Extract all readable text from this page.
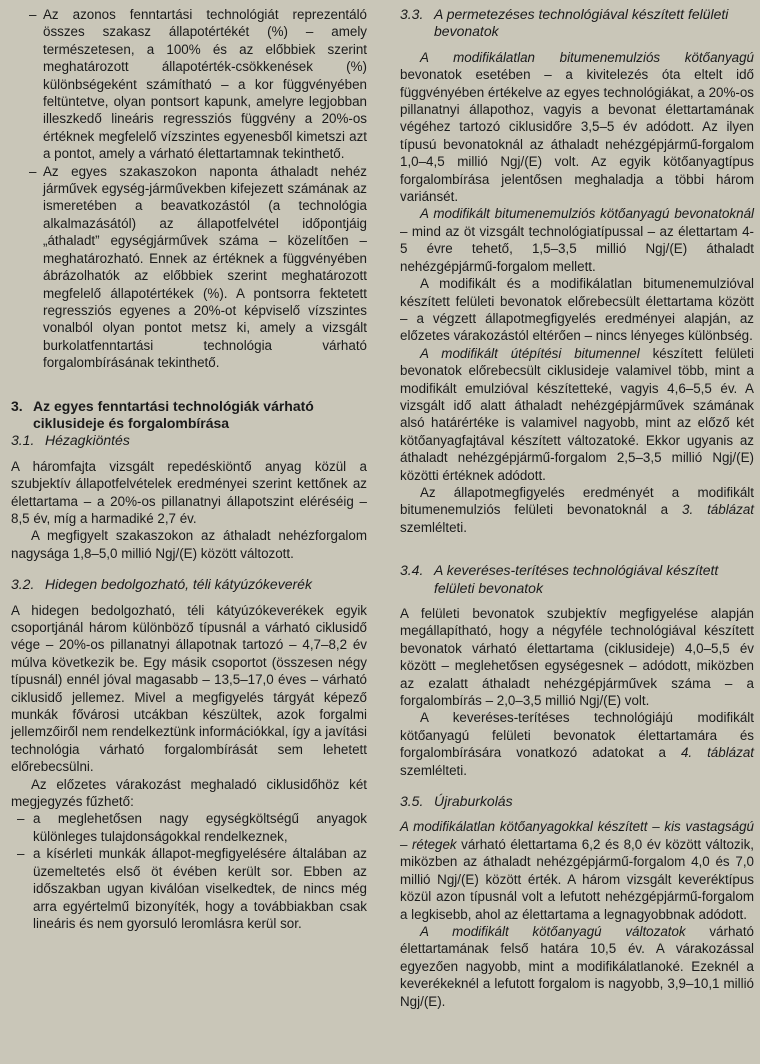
– Az azonos fenntartási technológiát reprezentáló összes szakasz állapotértékét (%) – amely természetesen, a 100% és az előbbiek szerint meghatározott állapotérték-csökkenések (%) különbségeként számítható – a kor függvényében feltüntetve, olyan pontsort kapunk, amelyre legjobban illeszkedő lineáris regressziós függvény a 20%-os értéknek megfelelő vízszintes egyenesből kimetszi azt a pontot, amely a várható élettartamnak tekinthető.
– Az egyes szakaszokon naponta áthaladt nehéz járművek egység-járművekben kifejezett számának az ismeretében a beavatkozástól (a technológia alkalmazásától) az állapotfelvétel időpontjáig „áthaladt” egységjárművek száma – közelítően – meghatározható. Ennek az értéknek a függvényében ábrázolhatók az előbbiek szerint meghatározott megfelelő állapotértékek (%). A pontsorra fektetett regressziós egyenes a 20%-ot képviselő vízszintes vonalból olyan pontot metsz ki, amely a vizsgált burkolatfenntartási technológia várható forgalombírásának tekinthető.
3. Az egyes fenntartási technológiák várható ciklusideje és forgalombírása
3.1. Hézagkiöntés

A háromfajta vizsgált repedéskiöntő anyag közül a szubjektív állapotfelvételek eredményei szerint kettőnek az élettartama – a 20%-os pillanatnyi állapotszint eléréséig – 8,5 év, míg a harmadiké 2,7 év.

A megfigyelt szakaszokon az áthaladt nehézforgalom nagysága 1,8–5,0 millió Ngj/(E) között változott.

3.2. Hidegen bedolgozható, téli kátyúzókeverék

A hidegen bedolgozható, téli kátyúzókeverékek egyik csoportjánál három különböző típusnál a várható ciklusidő vége – 20%-os pillanatnyi állapotnak tartozó – 4,7–8,2 év múlva következik be. Egy másik csoportot (összesen négy típusnál) ennél jóval magasabb – 13,5–17,0 éves – várható ciklusidő jellemez. Mivel a megfigyelés tárgyát képező munkák fővárosi utcákban készültek, azok forgalmi jellemzőiről nem rendelkeztünk információkkal, így a javítási technológia várható forgalombírását sem lehetett előrebecsülni.

Az előzetes várakozást meghaladó ciklusidőhöz két megjegyzés fűzhető:

– a meglehetősen nagy egységköltségű anyagok különleges tulajdonságokkal rendelkeznek,
– a kísérleti munkák állapot-megfigyelésére általában az üzemeltetés első öt évében került sor. Ebben az időszakban ugyan kiválóan viselkedtek, de nincs még arra egyértelmű bizonyíték, hogy a továbbiakban csak lineáris és nem gyorsuló leromlásra kerül sor.
3.3. A permetezéses technológiával készített felületi bevonatok

A modifikálatlan bitumenemulziós kötőanyagú bevonatok esetében – a kivitelezés óta eltelt idő függvényében értékelve az egyes technológiákat, a 20%-os pillanatnyi állapothoz, vagyis a bevonat élettartamának végéhez tartozó ciklusidőre 3,5–5 év adódott. Az ilyen típusú bevonatoknál az áthaladt nehézgépjármű-forgalom 1,0–4,5 millió Ngj/(E) volt. Az egyik kötőanyagtípus forgalombírása jelentősen meghaladja a többi három variánsét.

A modifikált bitumenemulziós kötőanyagú bevonatoknál – mind az öt vizsgált technológiatípussal – az élettartam 4-5 évre tehető, 1,5–3,5 millió Ngj/(E) áthaladt nehézgépjármű-forgalom mellett.

A modifikált és a modifikálatlan bitumenemulzióval készített felületi bevonatok előrebecsült élettartama között – a végzett állapotmegfigyelés eredményei alapján, az előzetes várakozástól eltérően – nincs lényeges különbség.

A modifikált útépítési bitumennel készített felületi bevonatok előrebecsült ciklusideje valamivel több, mint a modifikált emulzióval készítetteké, vagyis 4,6–5,5 év. A vizsgált idő alatt áthaladt nehézgépjárművek számának alsó határértéke is valamivel nagyobb, mint az előző két kötőanyagfajtával készített változatoké. Ekkor ugyanis az áthaladt nehézgépjármű-forgalom 2,5–3,5 millió Ngj/(E) közötti értéknek adódott.

Az állapotmegfigyelés eredményét a modifikált bitumenemulziós felületi bevonatoknál a 3. táblázat szemlélteti.

3.4. A keveréses-terítéses technológiával készített felületi bevonatok

A felületi bevonatok szubjektív megfigyelése alapján megállapítható, hogy a négyféle technológiával készített bevonatok várható élettartama (ciklusideje) 4,0–5,5 év között – meglehetősen egységesnek – adódott, miközben az ezalatt áthaladt nehézgépjárművek száma – a forgalombírás – 2,0–3,5 millió Ngj/(E) volt.

A keveréses-terítéses technológiájú modifikált kötőanyagú felületi bevonatok élettartamára és forgalombírására vonatkozó adatokat a 4. táblázat szemlélteti.

3.5. Újraburkolás

A modifikálatlan kötőanyagokkal készített – kis vastagságú – rétegek várható élettartama 6,2 és 8,0 év között változik, miközben az áthaladt nehézgépjármű-forgalom 4,0 és 7,0 millió Ngj/(E) között érték. A három vizsgált keveréktípus közül azon típusnál volt a lefutott nehézgépjármű-forgalom a legkisebb, ahol az élettartama a legnagyobbnak adódott.

A modifikált kötőanyagú változatok várható élettartamának felső határa 10,5 év. A várakozással egyezően nagyobb, mint a modifikálatlanoké. Ezeknél a keverékeknél a lefutott forgalom is nagyobb, 3,9–10,1 millió Ngj/(E).
